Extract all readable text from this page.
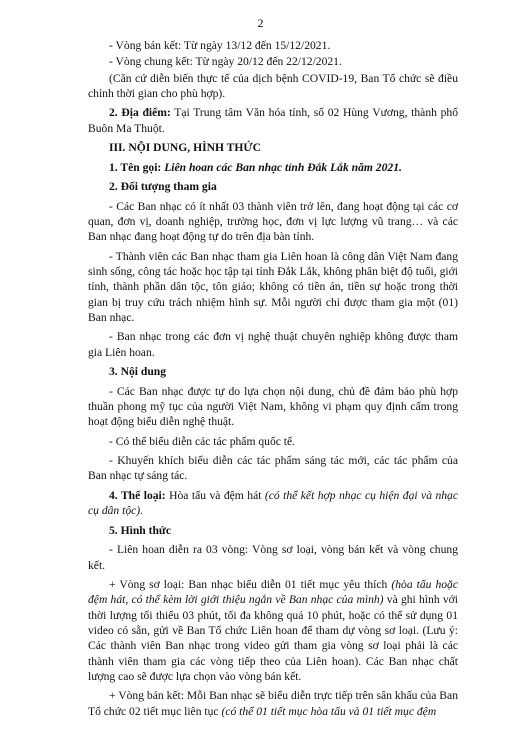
2

- Vòng bán kết: Từ ngày 13/12 đến 15/12/2021.

- Vòng chung kết: Từ ngày 20/12 đến 22/12/2021.

(Căn cứ diễn biến thực tế của dịch bệnh COVID-19, Ban Tổ chức sẽ điều chỉnh thời gian cho phù hợp).

2. Địa điểm: Tại Trung tâm Văn hóa tỉnh, số 02 Hùng Vương, thành phố Buôn Ma Thuột.

III. NỘI DUNG, HÌNH THỨC

1. Tên gọi: Liên hoan các Ban nhạc tỉnh Đắk Lắk năm 2021.

2. Đối tượng tham gia

- Các Ban nhạc có ít nhất 03 thành viên trở lên, đang hoạt động tại các cơ quan, đơn vị, doanh nghiệp, trường học, đơn vị lực lượng vũ trang… và các Ban nhạc đang hoạt động tự do trên địa bàn tỉnh.

- Thành viên các Ban nhạc tham gia Liên hoan là công dân Việt Nam đang sinh sống, công tác hoặc học tập tại tỉnh Đắk Lắk, không phân biệt độ tuổi, giới tính, thành phần dân tộc, tôn giáo; không có tiền án, tiền sự hoặc trong thời gian bị truy cứu trách nhiệm hình sự. Mỗi người chỉ được tham gia một (01) Ban nhạc.

- Ban nhạc trong các đơn vị nghệ thuật chuyên nghiệp không được tham gia Liên hoan.

3. Nội dung

- Các Ban nhạc được tự do lựa chọn nội dung, chủ đề đảm bảo phù hợp thuần phong mỹ tục của người Việt Nam, không vi phạm quy định cấm trong hoạt động biểu diễn nghệ thuật.

- Có thể biểu diễn các tác phẩm quốc tế.

- Khuyến khích biểu diễn các tác phẩm sáng tác mới, các tác phẩm của Ban nhạc tự sáng tác.

4. Thể loại: Hòa tấu và đệm hát (có thể kết hợp nhạc cụ hiện đại và nhạc cụ dân tộc).

5. Hình thức

- Liên hoan diễn ra 03 vòng: Vòng sơ loại, vòng bán kết và vòng chung kết.

+ Vòng sơ loại: Ban nhạc biểu diễn 01 tiết mục yêu thích (hòa tấu hoặc đệm hát, có thể kèm lời giới thiệu ngắn về Ban nhạc của mình) và ghi hình với thời lượng tối thiểu 03 phút, tối đa không quá 10 phút, hoặc có thể sử dụng 01 video có sẵn, gửi về Ban Tổ chức Liên hoan để tham dự vòng sơ loại. (Lưu ý: Các thành viên Ban nhạc trong video gửi tham gia vòng sơ loại phải là các thành viên tham gia các vòng tiếp theo của Liên hoan). Các Ban nhạc chất lượng cao sẽ được lựa chọn vào vòng bán kết.

+ Vòng bán kết: Mỗi Ban nhạc sẽ biểu diễn trực tiếp trên sân khấu của Ban Tổ chức 02 tiết mục liên tục (có thể 01 tiết mục hòa tấu và 01 tiết mục đệm
